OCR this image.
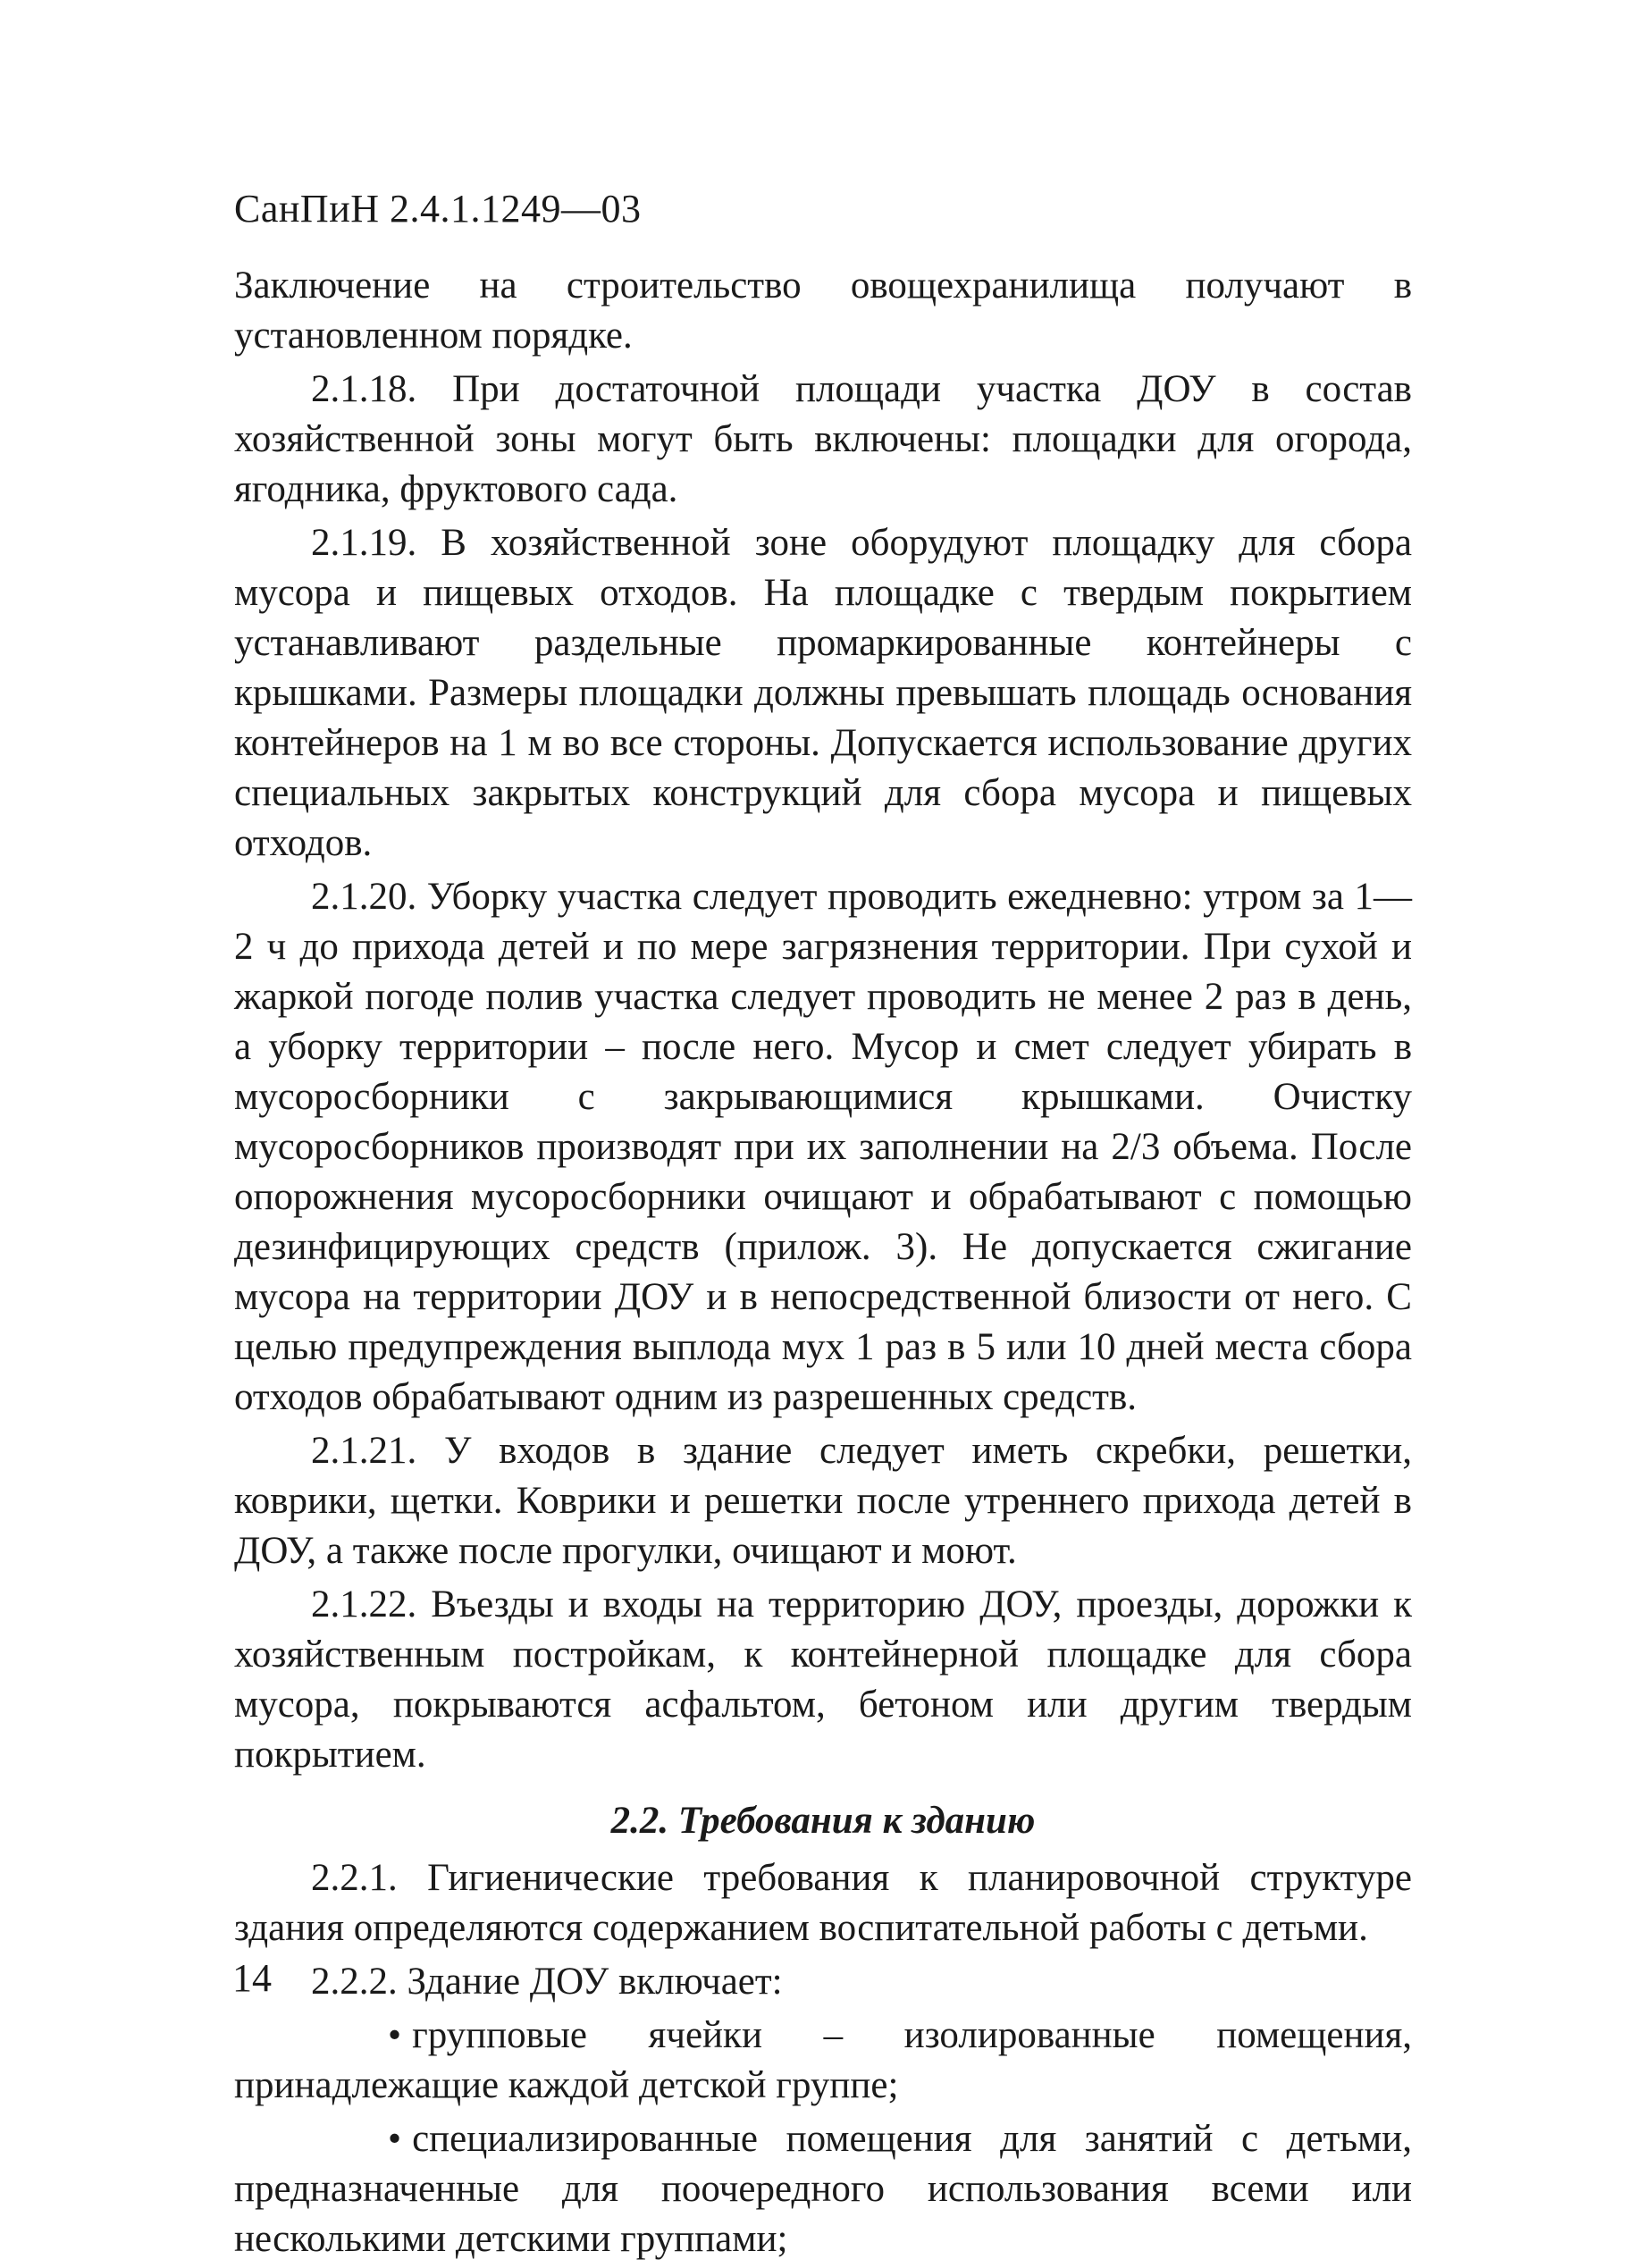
СанПиН 2.4.1.1249—03

Заключение на строительство овощехранилища получают в установленном порядке.

2.1.18. При достаточной площади участка ДОУ в состав хозяйственной зоны могут быть включены: площадки для огорода, ягодника, фруктового сада.

2.1.19. В хозяйственной зоне оборудуют площадку для сбора мусора и пищевых отходов. На площадке с твердым покрытием устанавливают раздельные промаркированные контейнеры с крышками. Размеры площадки должны превышать площадь основания контейнеров на 1 м во все стороны. Допускается использование других специальных закрытых конструкций для сбора мусора и пищевых отходов.

2.1.20. Уборку участка следует проводить ежедневно: утром за 1—2 ч до прихода детей и по мере загрязнения территории. При сухой и жаркой погоде полив участка следует проводить не менее 2 раз в день, а уборку территории – после него. Мусор и смет следует убирать в мусоросборники с закрывающимися крышками. Очистку мусоросборников производят при их заполнении на 2/3 объема. После опорожнения мусоросборники очищают и обрабатывают с помощью дезинфицирующих средств (прилож. 3). Не допускается сжигание мусора на территории ДОУ и в непосредственной близости от него. С целью предупреждения выплода мух 1 раз в 5 или 10 дней места сбора отходов обрабатывают одним из разрешенных средств.

2.1.21. У входов в здание следует иметь скребки, решетки, коврики, щетки. Коврики и решетки после утреннего прихода детей в ДОУ, а также после прогулки, очищают и моют.

2.1.22. Въезды и входы на территорию ДОУ, проезды, дорожки к хозяйственным постройкам, к контейнерной площадке для сбора мусора, покрываются асфальтом, бетоном или другим твердым покрытием.

2.2. Требования к зданию

2.2.1. Гигиенические требования к планировочной структуре здания определяются содержанием воспитательной работы с детьми.

2.2.2. Здание ДОУ включает:

• групповые ячейки – изолированные помещения, принадлежащие каждой детской группе;

• специализированные помещения для занятий с детьми, предназначенные для поочередного использования всеми или несколькими детскими группами;

14
